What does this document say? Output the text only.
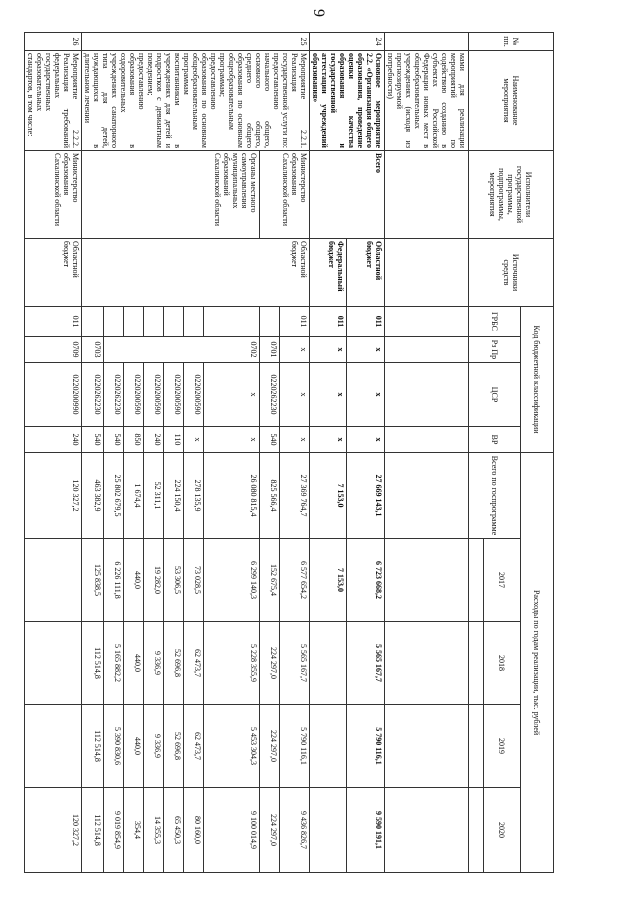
9
№ пп.	Наименование мероприятия	Исполнители государственной программы, подпрограммы, мероприятия	Источники средств	Код бюджетной классификации				Расходы по годам реализации, тыс. рублей				
				ГРБС	Рз Пр	ЦСР	ВР	Всего по госпрограмме	2017	2018	2019	2020

	мами для реализации мероприятий по содействию созданию в субъектах Российской Федерации новых мест в общеобразовательных учреждениях (исходя из прогнозируемой потребности)											
24	Основное мероприятие 2.2. «Организация общего образования, проведение оценки качества образования и государственной аттестации учреждений образования»	Всего	Областной бюджет	011	х	х	х	27 669 143,1	6 723 668,2	5 565 167,7	5 790 116,1	9 590 191,1
			Федеральный бюджет	011	х	х	х	7 153,0	7 153,0			
25	Мероприятие 2.2.1. Реализация государственной услуги по: предоставлению начального общего, основного общего, среднего общего образования по основным общеобразовательным программам; предоставлению образования по основным общеобразовательным программам воспитанникам в учреждениях для детей и подростков с девиантным поведением; предоставлению образования в оздоровительных учреждениях санаторного типа для детей, нуждающихся в длительном лечении	Министерство образования Сахалинской области	Областной бюджет	011	х	х	х	27 369 764,7	6 577 654,2	5 565 167,7	5 790 116,1	9 436 826,7
					0701	0220262230	540	825 566,4	152 675,4	224 297,0	224 297,0	224 297,0
		Органы местного самоуправления муниципальных образований Сахалинской области			0702	х	х	26 080 815,4	6 299 140,3	5 228 355,9	5 453 304,3	9 100 014,9
						0220200590	х	278 135,9	73 028,5	62 473,7	62 473,7	80 160,0
						0220200590	110	224 150,4	53 306,5	52 696,8	52 696,8	65 450,3
						0220200590	240	52 311,1	19 282,0	9 336,9	9 336,9	14 355,3
						0220200590	850	1 674,4	440,0	440,0	440,0	354,4
						0220262230	540	25 802 679,5	6 226 111,8	5 165 882,2	5 390 830,6	9 019 854,9
					0703	0220262230	540	463 382,9	125 838,5	112 514,8	112 514,8	112 514,8
26	Мероприятие 2.2.2. Реализация требований федеральных государственных образовательных стандартов, в том числе:	Министерство образования Сахалинской области	Областной бюджет	011	0709	0220200990	240	120 327,2				120 327,2
